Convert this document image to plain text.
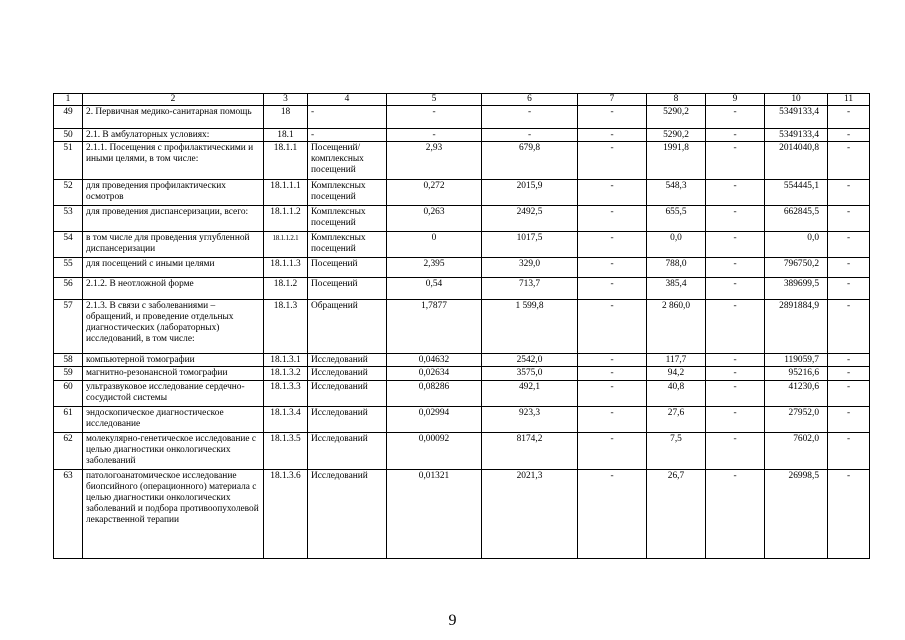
1	2	3	4	5	6	7	8	9	10	11
49	2. Первичная медико-санитарная помощь	18	-	-	-	-	5290,2	-	5349133,4	-
50	2.1. В амбулаторных условиях:	18.1	-	-	-	-	5290,2	-	5349133,4	-
51	2.1.1. Посещения с профилактическими и иными целями, в том числе:	18.1.1	Посещений/ комплексных посещений	2,93	679,8	-	1991,8	-	2014040,8	-
52	для проведения профилактических осмотров	18.1.1.1	Комплексных посещений	0,272	2015,9	-	548,3	-	554445,1	-
53	для проведения диспансеризации, всего:	18.1.1.2	Комплексных посещений	0,263	2492,5	-	655,5	-	662845,5	-
54	в том числе для проведения углубленной диспансеризации	18.1.1.2.1	Комплексных посещений	0	1017,5	-	0,0	-	0,0	-
55	для посещений с иными целями	18.1.1.3	Посещений	2,395	329,0	-	788,0	-	796750,2	-
56	2.1.2. В неотложной форме	18.1.2	Посещений	0,54	713,7	-	385,4	-	389699,5	-
57	2.1.3. В связи с заболеваниями – обращений, и проведение отдельных диагностических (лабораторных) исследований, в том числе:	18.1.3	Обращений	1,7877	1 599,8	-	2 860,0	-	2891884,9	-
58	компьютерной томографии	18.1.3.1	Исследований	0,04632	2542,0	-	117,7	-	119059,7	-
59	магнитно-резонансной томографии	18.1.3.2	Исследований	0,02634	3575,0	-	94,2	-	95216,6	-
60	ультразвуковое исследование сердечно-сосудистой системы	18.1.3.3	Исследований	0,08286	492,1	-	40,8	-	41230,6	-
61	эндоскопическое диагностическое исследование	18.1.3.4	Исследований	0,02994	923,3	-	27,6	-	27952,0	-
62	молекулярно-генетическое исследование с целью диагностики онкологических заболеваний	18.1.3.5	Исследований	0,00092	8174,2	-	7,5	-	7602,0	-
63	патологоанатомическое исследование биопсийного (операционного) материала с целью диагностики онкологических заболеваний и подбора противоопухолевой лекарственной терапии	18.1.3.6	Исследований	0,01321	2021,3	-	26,7	-	26998,5	-
9
